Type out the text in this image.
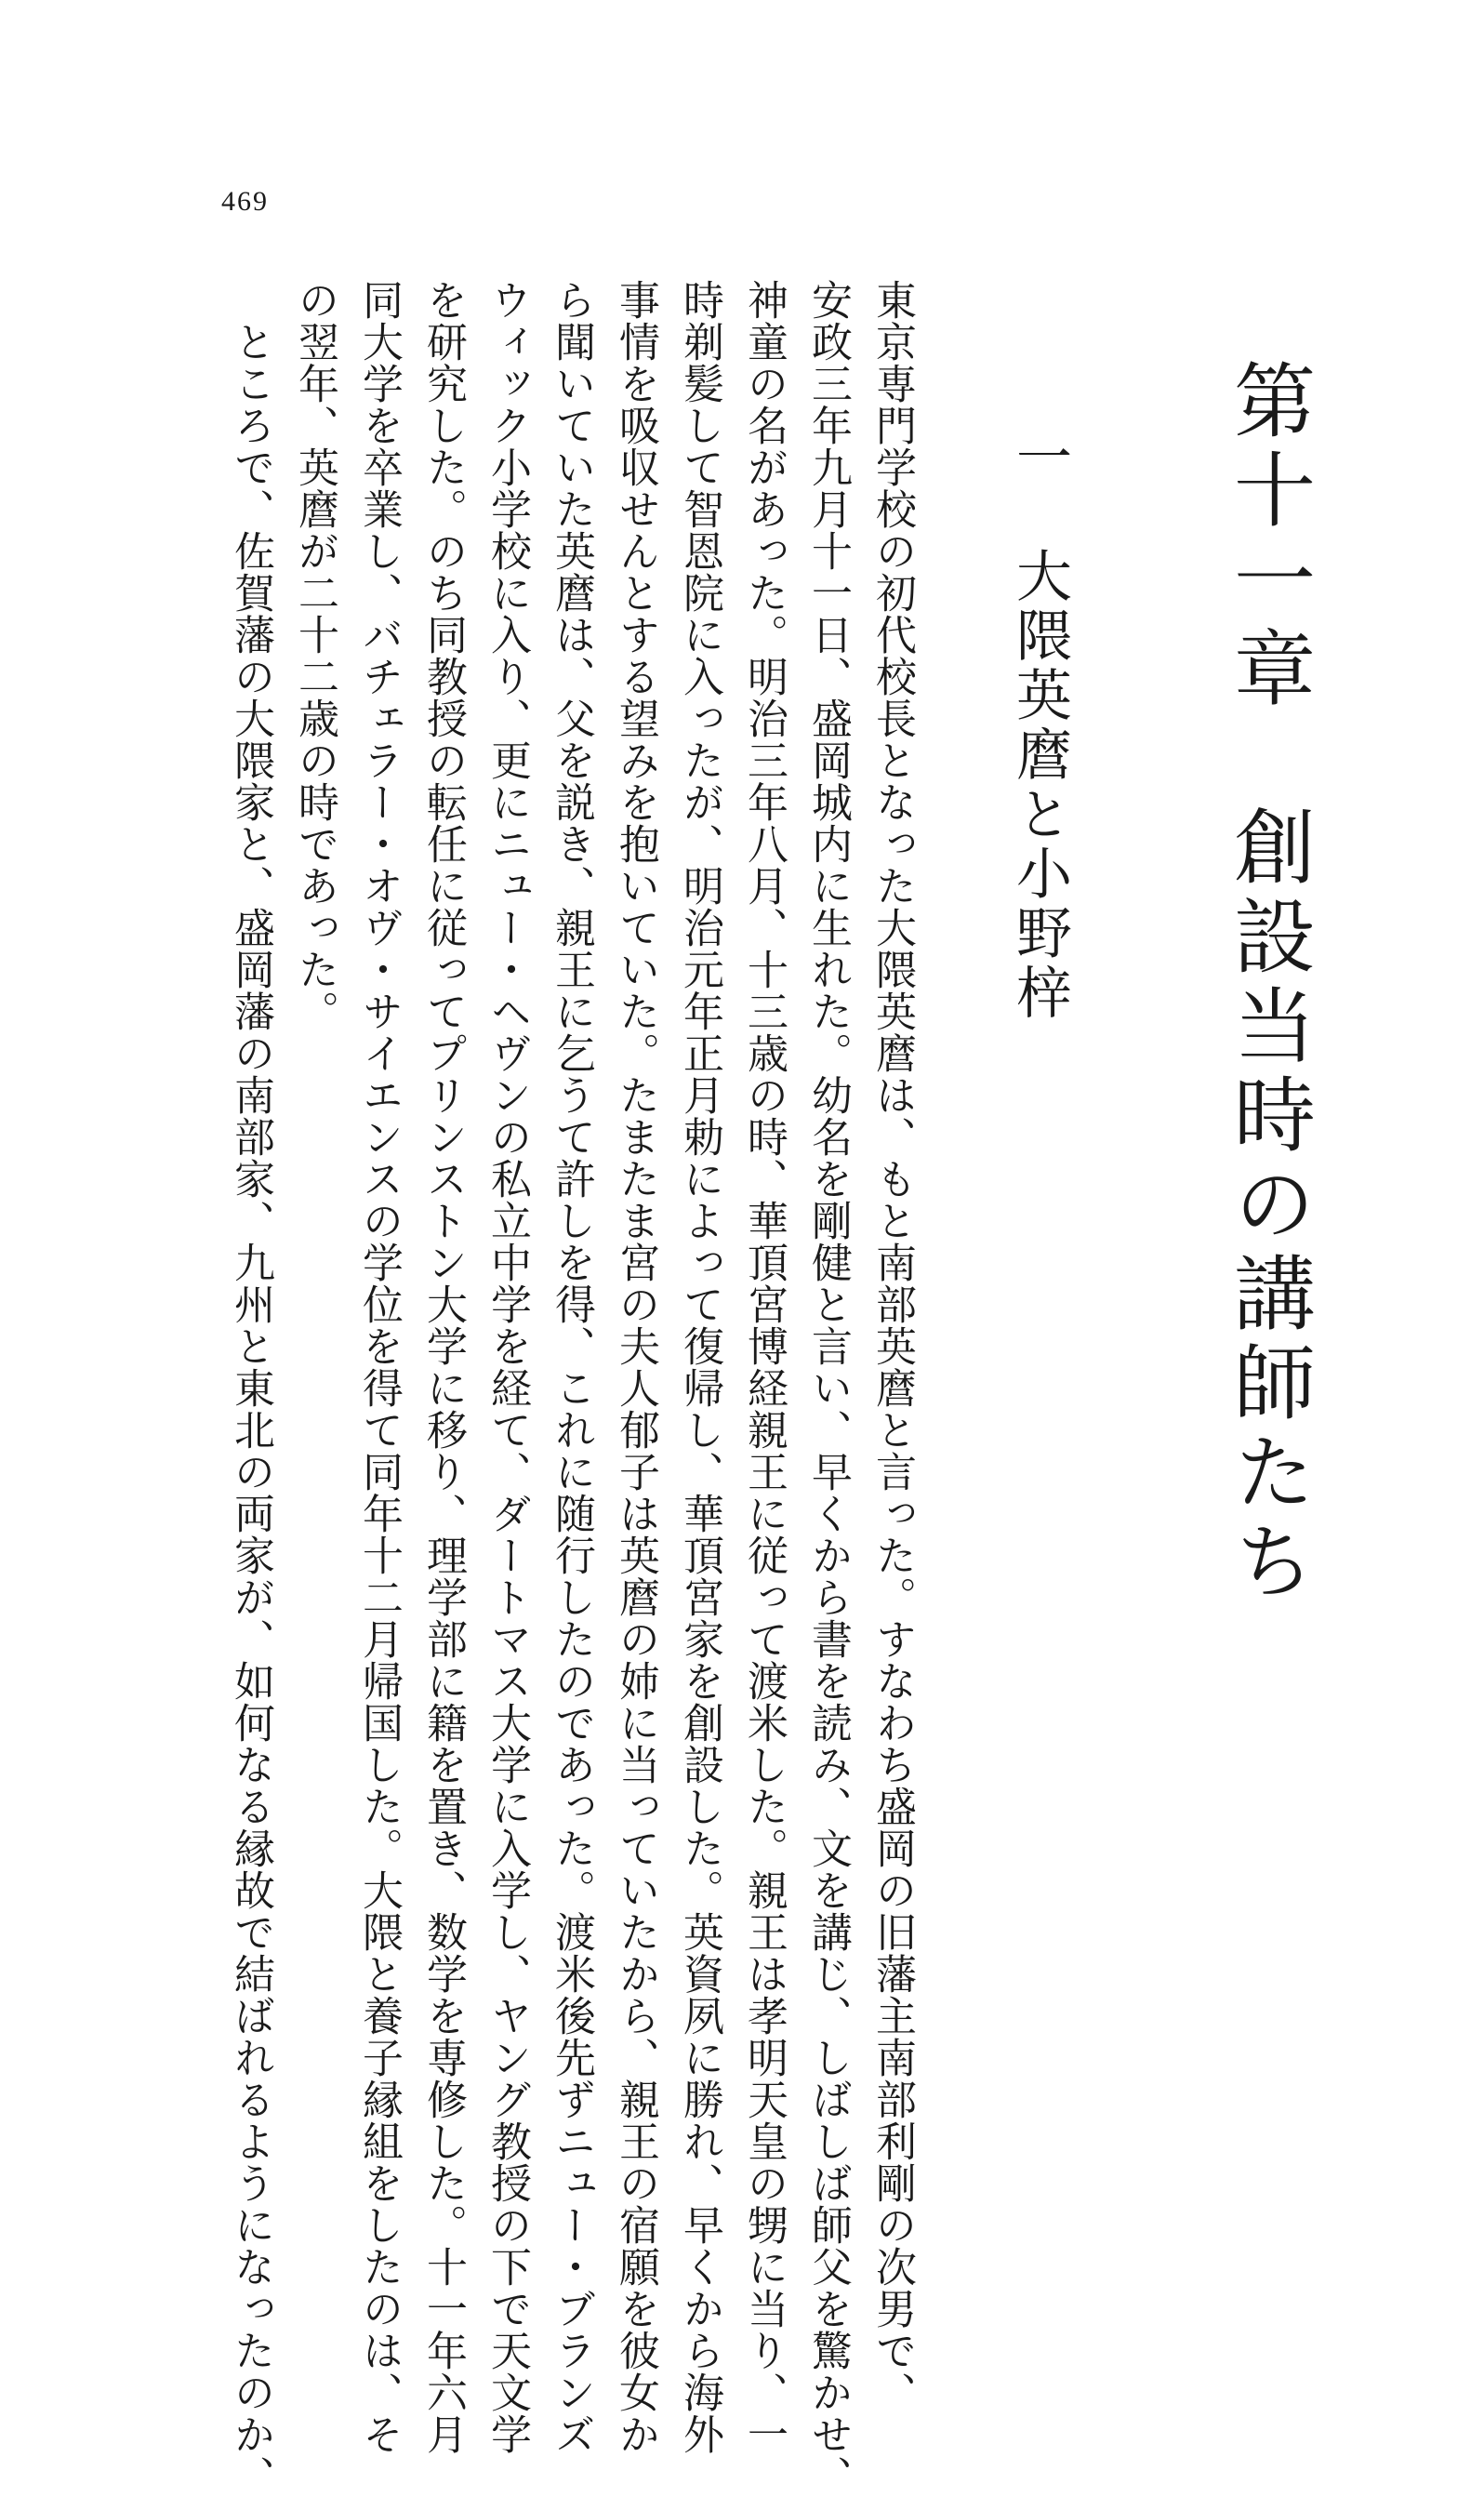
469
第十一章　創設当時の講師たち
一　大隈英麿と小野梓
東京専門学校の初代校長となった大隈英麿は、もと南部英麿と言った。すなわち盛岡の旧藩主南部利剛の次男で、
安政三年九月十一日、盛岡城内に生れた。幼名を剛健と言い、早くから書を読み、文を講じ、しばしば師父を驚かせ、
神童の名があった。明治三年八月、十三歳の時、華頂宮博経親王に従って渡米した。親王は孝明天皇の甥に当り、一
時剃髪して智恩院に入ったが、明治元年正月勅によって復帰し、華頂宮家を創設した。英資夙に勝れ、早くから海外
事情を吸収せんとする望みを抱いていた。たまたま宮の夫人郁子は英麿の姉に当っていたから、親王の宿願を彼女か
ら聞いていた英麿は、父を説き、親王に乞うて許しを得、これに随行したのであった。渡米後先ずニュー・ブランズ
ウィック小学校に入り、更にニュー・ヘヴンの私立中学を経て、ダートマス大学に入学し、ヤング教授の下で天文学
を研究した。のち同教授の転任に従ってプリンストン大学に移り、理学部に籍を置き、数学を専修した。十一年六月
同大学を卒業し、バチェラー・オヴ・サイエンスの学位を得て同年十二月帰国した。大隈と養子縁組をしたのは、そ
の翌年、英麿が二十二歳の時であった。
　ところで、佐賀藩の大隈家と、盛岡藩の南部家、九州と東北の両家が、如何なる縁故で結ばれるようになったのか、
